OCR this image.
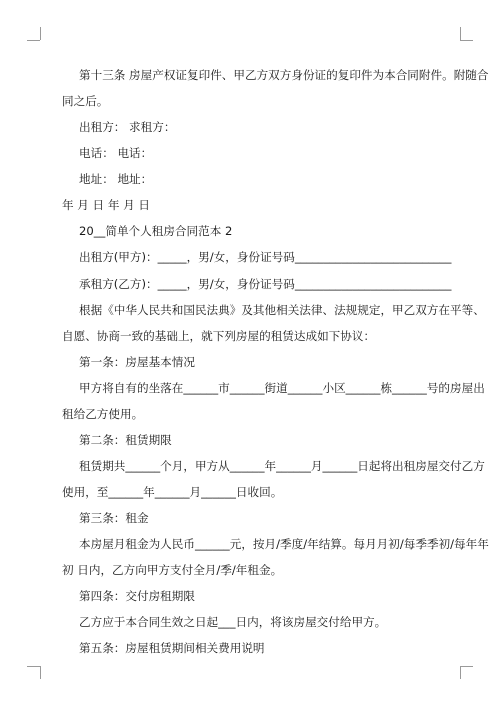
第十三条 房屋产权证复印件、甲乙方双方身份证的复印件为本合同附件。附随合
同之后。
出租方： 求租方：
电话： 电话：
地址： 地址：
年 月 日 年 月 日
20__简单个人租房合同范本 2
出租方(甲方)：_____，男/女，身份证号码___________________________
承租方(乙方)：_____，男/女，身份证号码___________________________
根据《中华人民共和国民法典》及其他相关法律、法规规定，甲乙双方在平等、
自愿、协商一致的基础上，就下列房屋的租赁达成如下协议：
第一条：房屋基本情况
甲方将自有的坐落在______市______街道______小区______栋______号的房屋出
租给乙方使用。
第二条：租赁期限
租赁期共______个月，甲方从______年______月______日起将出租房屋交付乙方
使用，至______年______月______日收回。
第三条：租金
本房屋月租金为人民币______元，按月/季度/年结算。每月月初/每季季初/每年年
初 日内，乙方向甲方支付全月/季/年租金。
第四条：交付房租期限
乙方应于本合同生效之日起___日内，将该房屋交付给甲方。
第五条：房屋租赁期间相关费用说明
